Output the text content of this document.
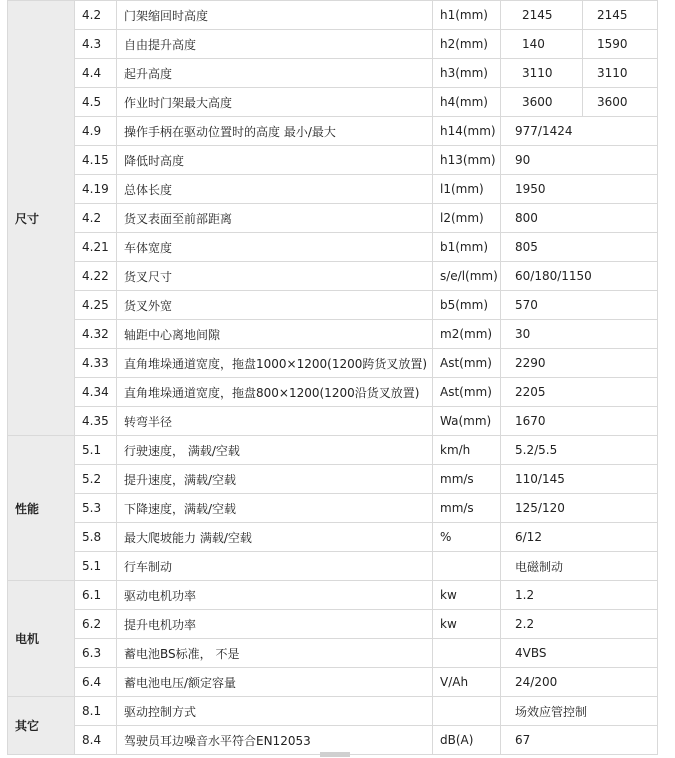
尺寸	4.2	门架缩回时高度	h1(mm)	2145 2145

	4.3	自由提升高度	h2(mm)	140 1590

	4.4	起升高度	h3(mm)	3110 3110

	4.5	作业时门架最大高度	h4(mm)	3600 3600

	4.9	操作手柄在驱动位置时的高度 最小/最大	h14(mm)	977/1424
	4.15	降低时高度	h13(mm)	90
	4.19	总体长度	l1(mm)	1950
	4.2	货叉表面至前部距离	l2(mm)	800
	4.21	车体宽度	b1(mm)	805
	4.22	货叉尺寸	s/e/l(mm)	60/180/1150
	4.25	货叉外宽	b5(mm)	570
	4.32	轴距中心离地间隙	m2(mm)	30
	4.33	直角堆垛通道宽度，拖盘1000×1200(1200跨货叉放置)	Ast(mm)	2290
	4.34	直角堆垛通道宽度，拖盘800×1200(1200沿货叉放置)	Ast(mm)	2205
	4.35	转弯半径	Wa(mm)	1670
性能	5.1	行驶速度， 满载/空载	km/h	5.2/5.5
	5.2	提升速度，满载/空载	mm/s	110/145
	5.3	下降速度，满载/空载	mm/s	125/120
	5.8	最大爬坡能力 满载/空载	%	6/12
	5.1	行车制动		电磁制动
电机	6.1	驱动电机功率	kw	1.2
	6.2	提升电机功率	kw	2.2
	6.3	蓄电池BS标准， 不是		4VBS
	6.4	蓄电池电压/额定容量	V/Ah	24/200
其它	8.1	驱动控制方式		场效应管控制
	8.4	驾驶员耳边噪音水平符合EN12053	dB(A)	67
